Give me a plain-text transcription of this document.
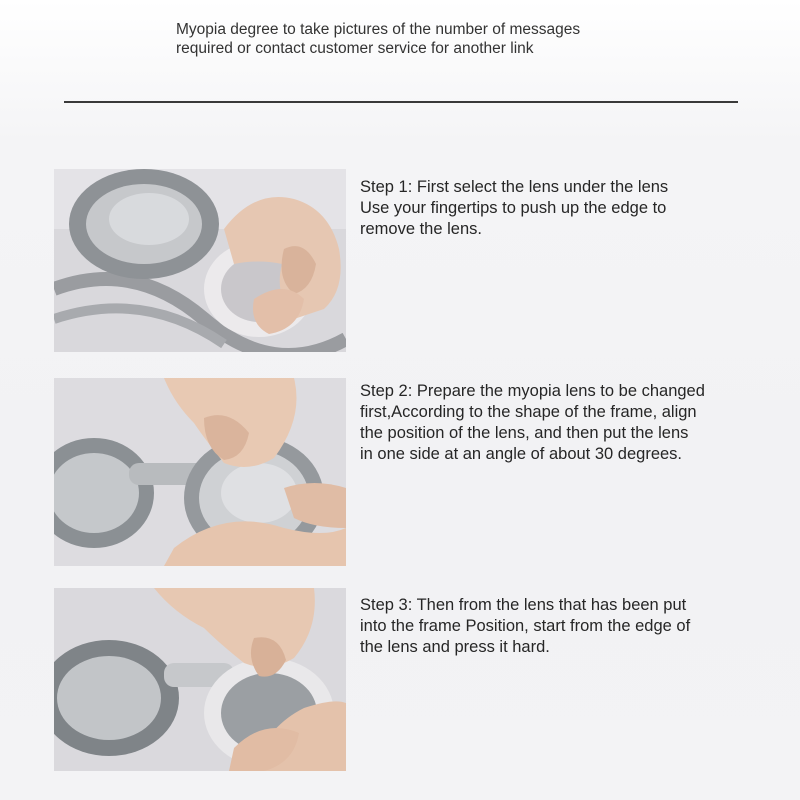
Myopia degree to take pictures of the number of messages
required or contact customer service for another link
Step 1: First select the lens under the lens
Use your fingertips to push up the edge to
remove the lens.
Step 2: Prepare the myopia lens to be changed
first,According to the shape of the frame, align
the position of the lens, and then put the lens
in one side at an angle of about 30 degrees.
Step 3: Then from the lens that has been put
into the frame Position, start from the edge of
the lens and press it hard.
